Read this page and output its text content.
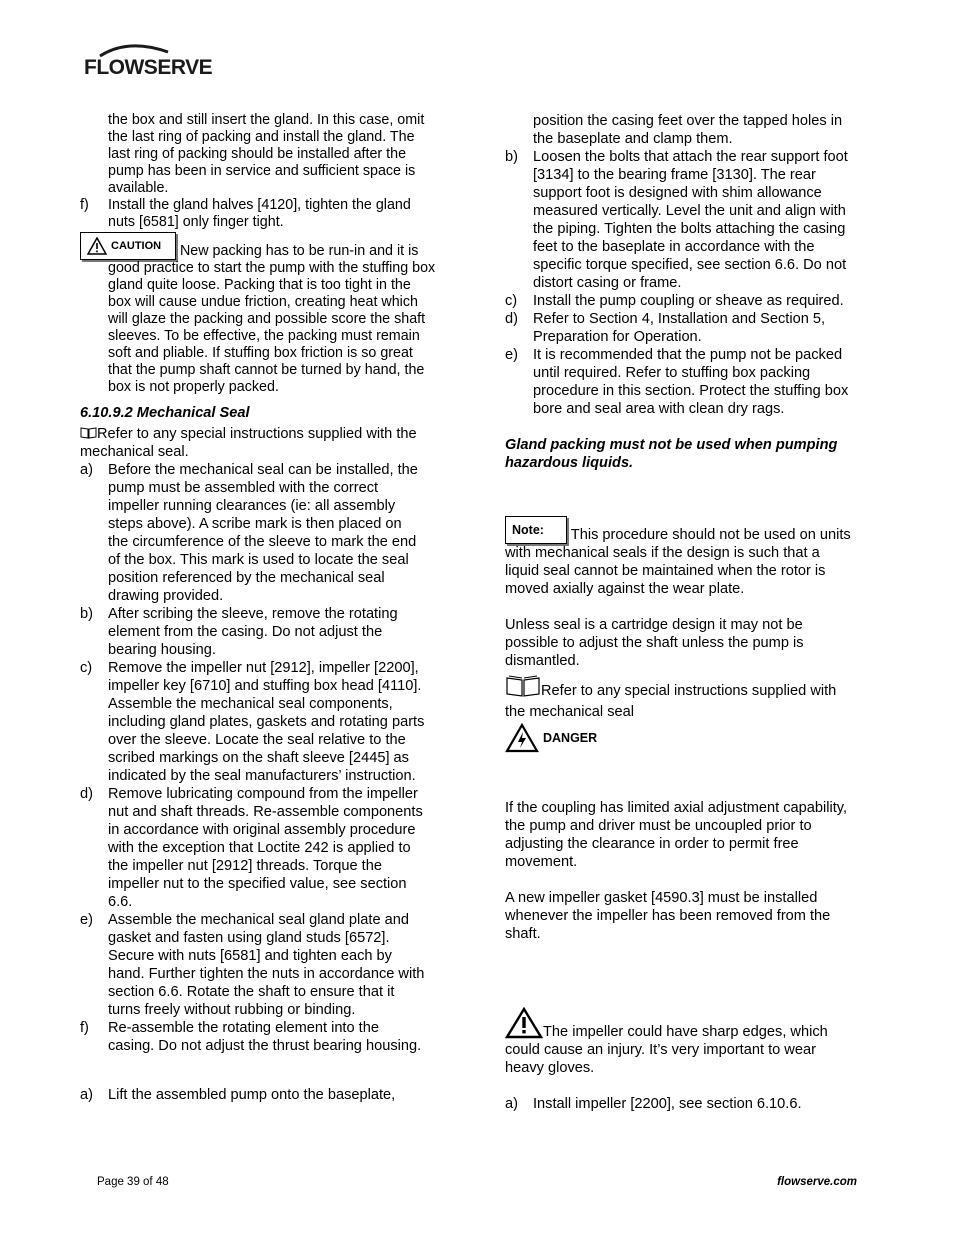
FLOWSERVE
the box and still insert the gland. In this case, omit
the last ring of packing and install the gland. The
last ring of packing should be installed after the
pump has been in service and sufficient space is
available.
f)	Install the gland halves [4120], tighten the gland
nuts [6581] only finger tight.
CAUTION New packing has to be run-in and it is
good practice to start the pump with the stuffing box
gland quite loose. Packing that is too tight in the
box will cause undue friction, creating heat which
will glaze the packing and possible score the shaft
sleeves. To be effective, the packing must remain
soft and pliable. If stuffing box friction is so great
that the pump shaft cannot be turned by hand, the
box is not properly packed.
6.10.9.2 Mechanical Seal
Refer to any special instructions supplied with the
mechanical seal.
a)	Before the mechanical seal can be installed, the
pump must be assembled with the correct
impeller running clearances (ie: all assembly
steps above). A scribe mark is then placed on
the circumference of the sleeve to mark the end
of the box. This mark is used to locate the seal
position referenced by the mechanical seal
drawing provided.
b)	After scribing the sleeve, remove the rotating
element from the casing. Do not adjust the
bearing housing.
c)	Remove the impeller nut [2912], impeller [2200],
impeller key [6710] and stuffing box head [4110].
Assemble the mechanical seal components,
including gland plates, gaskets and rotating parts
over the sleeve. Locate the seal relative to the
scribed markings on the shaft sleeve [2445] as
indicated by the seal manufacturers’ instruction.
d)	Remove lubricating compound from the impeller
nut and shaft threads. Re-assemble components
in accordance with original assembly procedure
with the exception that Loctite 242 is applied to
the impeller nut [2912] threads. Torque the
impeller nut to the specified value, see section
6.6.
e)	Assemble the mechanical seal gland plate and
gasket and fasten using gland studs [6572].
Secure with nuts [6581] and tighten each by
hand. Further tighten the nuts in accordance with
section 6.6. Rotate the shaft to ensure that it
turns freely without rubbing or binding.
f)	Re-assemble the rotating element into the
casing. Do not adjust the thrust bearing housing.
a)	Lift the assembled pump onto the baseplate,
position the casing feet over the tapped holes in
the baseplate and clamp them.
b)	Loosen the bolts that attach the rear support foot
[3134] to the bearing frame [3130]. The rear
support foot is designed with shim allowance
measured vertically. Level the unit and align with
the piping. Tighten the bolts attaching the casing
feet to the baseplate in accordance with the
specific torque specified, see section 6.6. Do not
distort casing or frame.
c)	Install the pump coupling or sheave as required.
d)	Refer to Section 4, Installation and Section 5,
Preparation for Operation.
e)	It is recommended that the pump not be packed
until required. Refer to stuffing box packing
procedure in this section. Protect the stuffing box
bore and seal area with clean dry rags.
Gland packing must not be used when pumping
hazardous liquids.
Note: This procedure should not be used on units
with mechanical seals if the design is such that a
liquid seal cannot be maintained when the rotor is
moved axially against the wear plate.
Unless seal is a cartridge design it may not be
possible to adjust the shaft unless the pump is
dismantled.
Refer to any special instructions supplied with
the mechanical seal
DANGER
If the coupling has limited axial adjustment capability,
the pump and driver must be uncoupled prior to
adjusting the clearance in order to permit free
movement.
A new impeller gasket [4590.3] must be installed
whenever the impeller has been removed from the
shaft.
The impeller could have sharp edges, which
could cause an injury. It’s very important to wear
heavy gloves.
a)	Install impeller [2200], see section 6.10.6.
Page 39 of 48	flowserve.com
